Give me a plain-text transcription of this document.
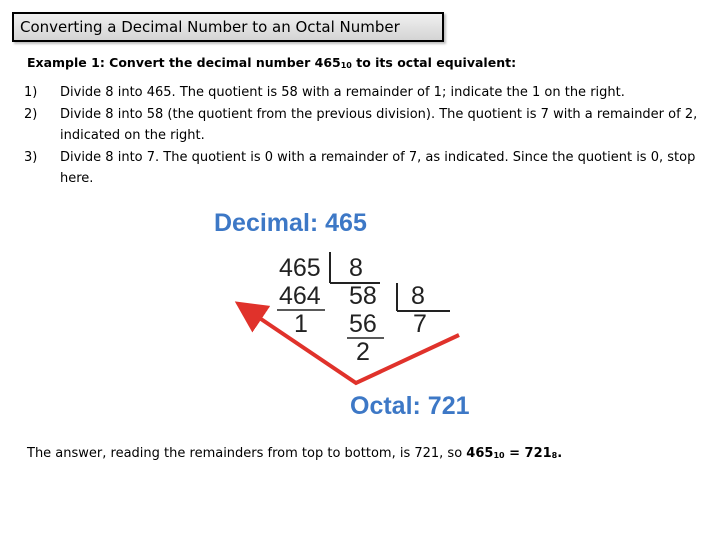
Converting a Decimal Number to an Octal Number
Example 1: Convert the decimal number 46510 to its octal equivalent:
1) Divide 8 into 465. The quotient is 58 with a remainder of 1; indicate the 1 on the right.
2) Divide 8 into 58 (the quotient from the previous division). The quotient is 7 with a remainder of 2, indicated on the right.
3) Divide 8 into 7. The quotient is 0 with a remainder of 7, as indicated. Since the quotient is 0, stop here.
Decimal: 465
465 8
464 58 8
1 56 7
2
Octal: 721
The answer, reading the remainders from top to bottom, is 721, so 46510 = 7218.
